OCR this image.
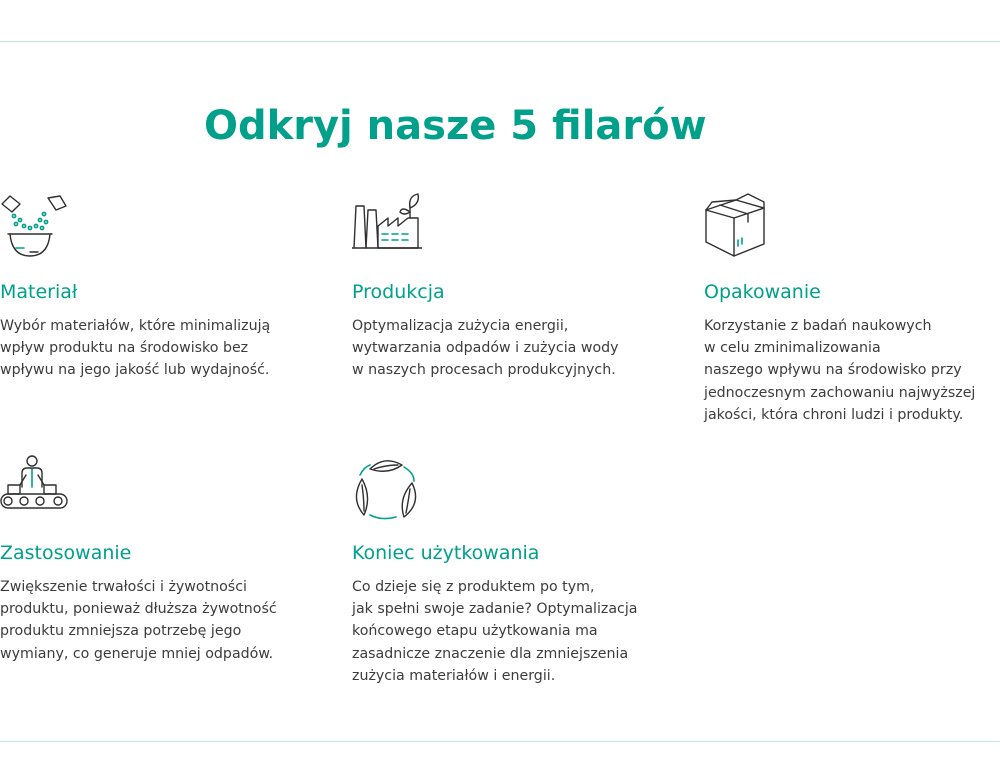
Odkryj nasze 5 filarów
Materiał

Wybór materiałów, które minimalizują
wpływ produktu na środowisko bez
wpływu na jego jakość lub wydajność.

Produkcja

Optymalizacja zużycia energii,
wytwarzania odpadów i zużycia wody
w naszych procesach produkcyjnych.

Opakowanie

Korzystanie z badań naukowych
w celu zminimalizowania
naszego wpływu na środowisko przy
jednoczesnym zachowaniu najwyższej
jakości, która chroni ludzi i produkty.

Zastosowanie

Zwiększenie trwałości i żywotności
produktu, ponieważ dłuższa żywotność
produktu zmniejsza potrzebę jego
wymiany, co generuje mniej odpadów.

Koniec użytkowania

Co dzieje się z produktem po tym,
jak spełni swoje zadanie? Optymalizacja
końcowego etapu użytkowania ma
zasadnicze znaczenie dla zmniejszenia
zużycia materiałów i energii.
